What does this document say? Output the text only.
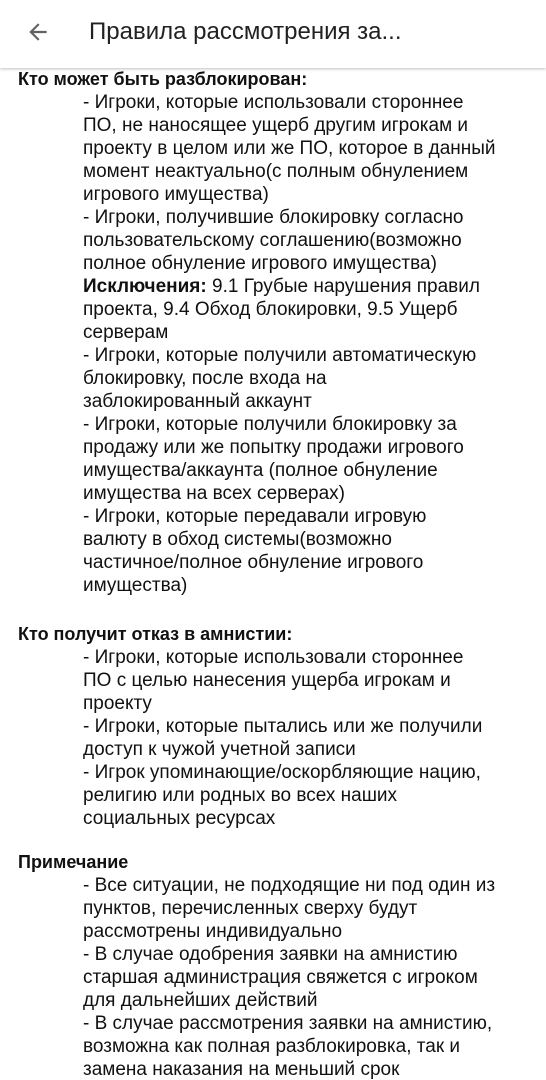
Правила рассмотрения за...
Кто может быть разблокирован:
- Игроки, которые использовали стороннее
ПО, не наносящее ущерб другим игрокам и
проекту в целом или же ПО, которое в данный
момент неактуально(с полным обнулением
игрового имущества)
- Игроки, получившие блокировку согласно
пользовательскому соглашению(возможно
полное обнуление игрового имущества)
Исключения: 9.1 Грубые нарушения правил
проекта, 9.4 Обход блокировки, 9.5 Ущерб
серверам
- Игроки, которые получили автоматическую
блокировку, после входа на
заблокированный аккаунт
- Игроки, которые получили блокировку за
продажу или же попытку продажи игрового
имущества/аккаунта (полное обнуление
имущества на всех серверах)
- Игроки, которые передавали игровую
валюту в обход системы(возможно
частичное/полное обнуление игрового
имущества)
Кто получит отказ в амнистии:
- Игроки, которые использовали стороннее
ПО с целью нанесения ущерба игрокам и
проекту
- Игроки, которые пытались или же получили
доступ к чужой учетной записи
- Игрок упоминающие/оскорбляющие нацию,
религию или родных во всех наших
социальных ресурсах
Примечание
- Все ситуации, не подходящие ни под один из
пунктов, перечисленных сверху будут
рассмотрены индивидуально
- В случае одобрения заявки на амнистию
старшая администрация свяжется с игроком
для дальнейших действий
- В случае рассмотрения заявки на амнистию,
возможна как полная разблокировка, так и
замена наказания на меньший срок
